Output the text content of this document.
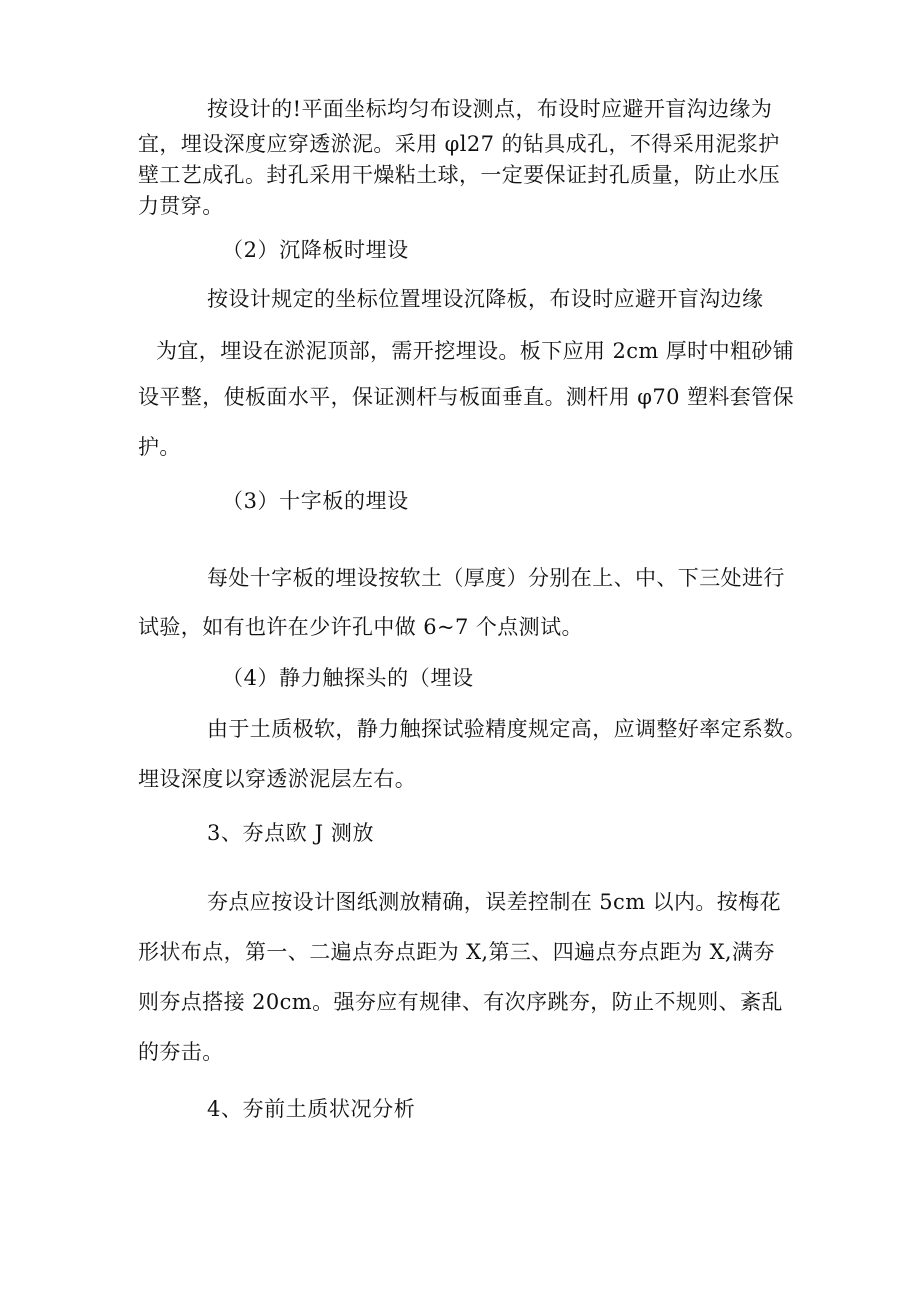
按设计的!平面坐标均匀布设测点，布设时应避开盲沟边缘为
宜，埋设深度应穿透淤泥。采用 φl27 的钻具成孔，不得采用泥浆护
壁工艺成孔。封孔采用干燥粘土球，一定要保证封孔质量，防止水压
力贯穿。
（2）沉降板时埋设
按设计规定的坐标位置埋设沉降板，布设时应避开盲沟边缘
为宜，埋设在淤泥顶部，需开挖埋设。板下应用 2cm 厚时中粗砂铺
设平整，使板面水平，保证测杆与板面垂直。测杆用 φ70 塑料套管保
护。
（3）十字板的埋设
每处十字板的埋设按软土（厚度）分别在上、中、下三处进行
试验，如有也许在少许孔中做 6~7 个点测试。
（4）静力触探头的（埋设
由于土质极软，静力触探试验精度规定高，应调整好率定系数。
埋设深度以穿透淤泥层左右。
3、夯点欧 J 测放
夯点应按设计图纸测放精确，误差控制在 5cm 以内。按梅花
形状布点，第一、二遍点夯点距为 X,第三、四遍点夯点距为 X,满夯
则夯点搭接 20cm。强夯应有规律、有次序跳夯，防止不规则、紊乱
的夯击。
4、夯前土质状况分析
